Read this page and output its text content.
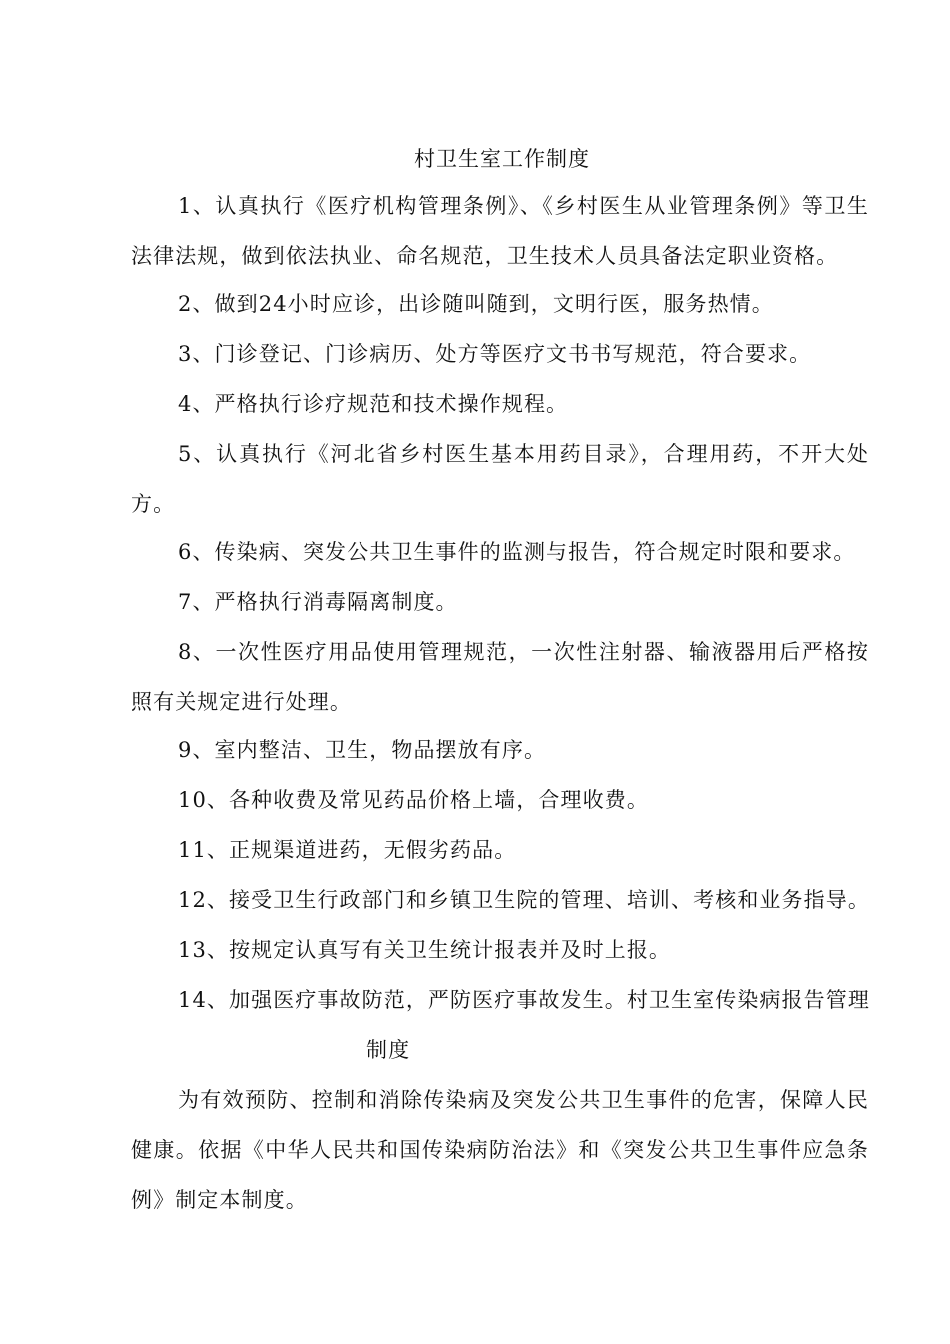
村卫生室工作制度
1、认真执行《医疗机构管理条例》、《乡村医生从业管理条例》等卫生法律法规，做到依法执业、命名规范，卫生技术人员具备法定职业资格。
2、做到24小时应诊，出诊随叫随到，文明行医，服务热情。
3、门诊登记、门诊病历、处方等医疗文书书写规范，符合要求。
4、严格执行诊疗规范和技术操作规程。
5、认真执行《河北省乡村医生基本用药目录》，合理用药，不开大处方。
6、传染病、突发公共卫生事件的监测与报告，符合规定时限和要求。
7、严格执行消毒隔离制度。
8、一次性医疗用品使用管理规范，一次性注射器、输液器用后严格按照有关规定进行处理。
9、室内整洁、卫生，物品摆放有序。
10、各种收费及常见药品价格上墙，合理收费。
11、正规渠道进药，无假劣药品。
12、接受卫生行政部门和乡镇卫生院的管理、培训、考核和业务指导。
13、按规定认真写有关卫生统计报表并及时上报。
14、加强医疗事故防范，严防医疗事故发生。村卫生室传染病报告管理
制度
为有效预防、控制和消除传染病及突发公共卫生事件的危害，保障人民健康。依据《中华人民共和国传染病防治法》和《突发公共卫生事件应急条例》制定本制度。
